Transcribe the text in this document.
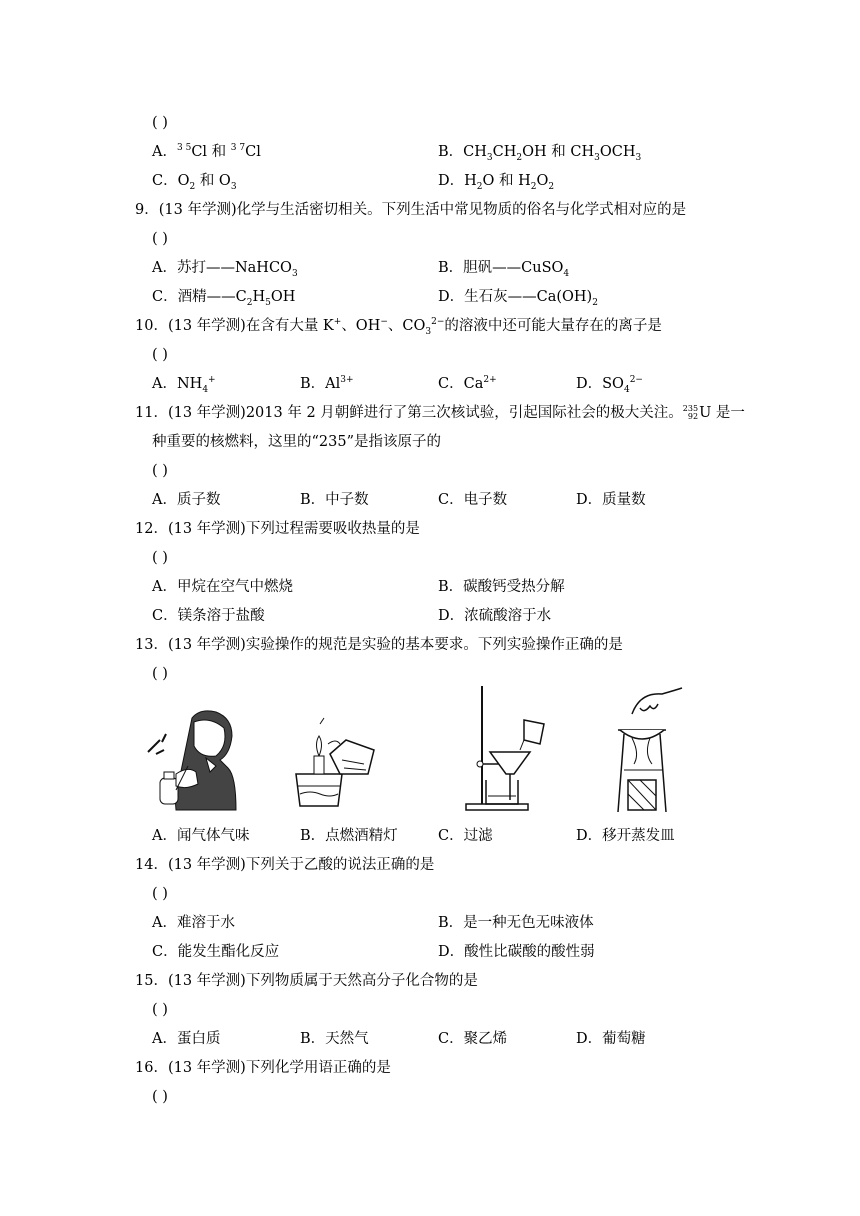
( )
A．$^{3 5}$Cl 和 $^{3 7}$Cl	B．$CH_3CH_2OH$ 和 $CH_3OCH_3$
C．$O_2$ 和 $O_3$	D．$H_2O$ 和 $H_2O_2$
9．(13 年学测)化学与生活密切相关。下列生活中常见物质的俗名与化学式相对应的是
( )
A．苏打——NaHCO$_3$	B．胆矾——CuSO$_4$
C．酒精$——C_2H_5OH$	D．生石灰$——Ca(OH)_2$
10．(13 年学测)在含有大量 K+、OH−、$CO_3^{2-}$的溶液中还可能大量存在的离子是
( )
A．$NH_4^+$	B．$Al^{3+}$	C．$Ca^{2+}$	D．$SO_4^{2-}$
11．(13 年学测)2013 年 2 月朝鲜进行了第三次核试验，引起国际社会的极大关注。 235
92 U 是一
种重要的核燃料，这里的“235”是指该原子的
( )
A．质子数	B．中子数	C．电子数	D．质量数
12．(13 年学测)下列过程需要吸收热量的是
( )
A．甲烷在空气中燃烧	B．碳酸钙受热分解
C．镁条溶于盐酸	D．浓硫酸溶于水
13．(13 年学测)实验操作的规范是实验的基本要求。下列实验操作正确的是
( )
A．闻气体气味	B．点燃酒精灯	C．过滤	D．移开蒸发皿
14．(13 年学测)下列关于乙酸的说法正确的是
( )
A．难溶于水	B．是一种无色无味液体
C．能发生酯化反应	D．酸性比碳酸的酸性弱
15．(13 年学测)下列物质属于天然高分子化合物的是
( )
A．蛋白质	B．天然气	C．聚乙烯	D．葡萄糖
16．(13 年学测)下列化学用语正确的是
( )
